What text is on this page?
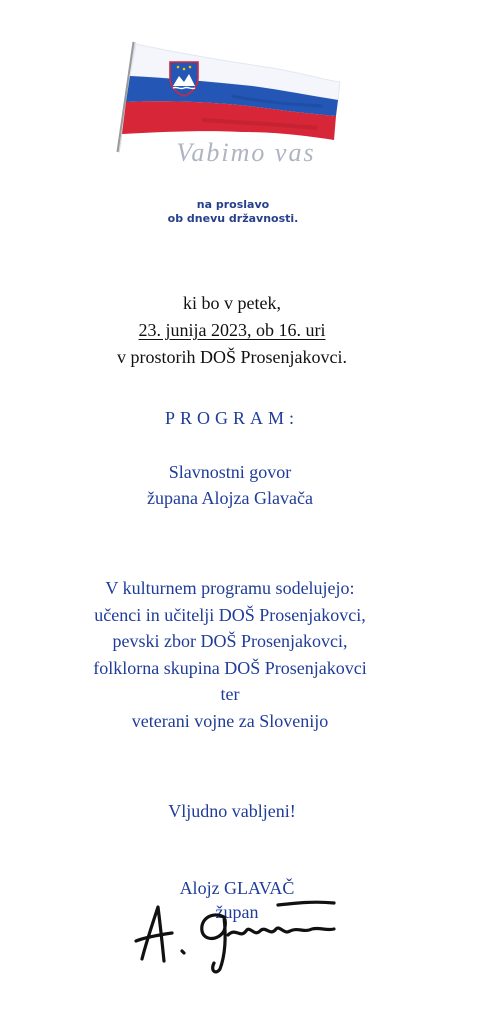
Vabimo vas
na proslavo
ob dnevu državnosti.
ki bo v petek,
23. junija 2023, ob 16. uri
v prostorih DOŠ Prosenjakovci.
PROGRAM:
Slavnostni govor
župana Alojza Glavača
V kulturnem programu sodelujejo:
učenci in učitelji DOŠ Prosenjakovci,
pevski zbor DOŠ Prosenjakovci,
folklorna skupina DOŠ Prosenjakovci
ter
veterani vojne za Slovenijo
Vljudno vabljeni!
Alojz GLAVAČ
župan
